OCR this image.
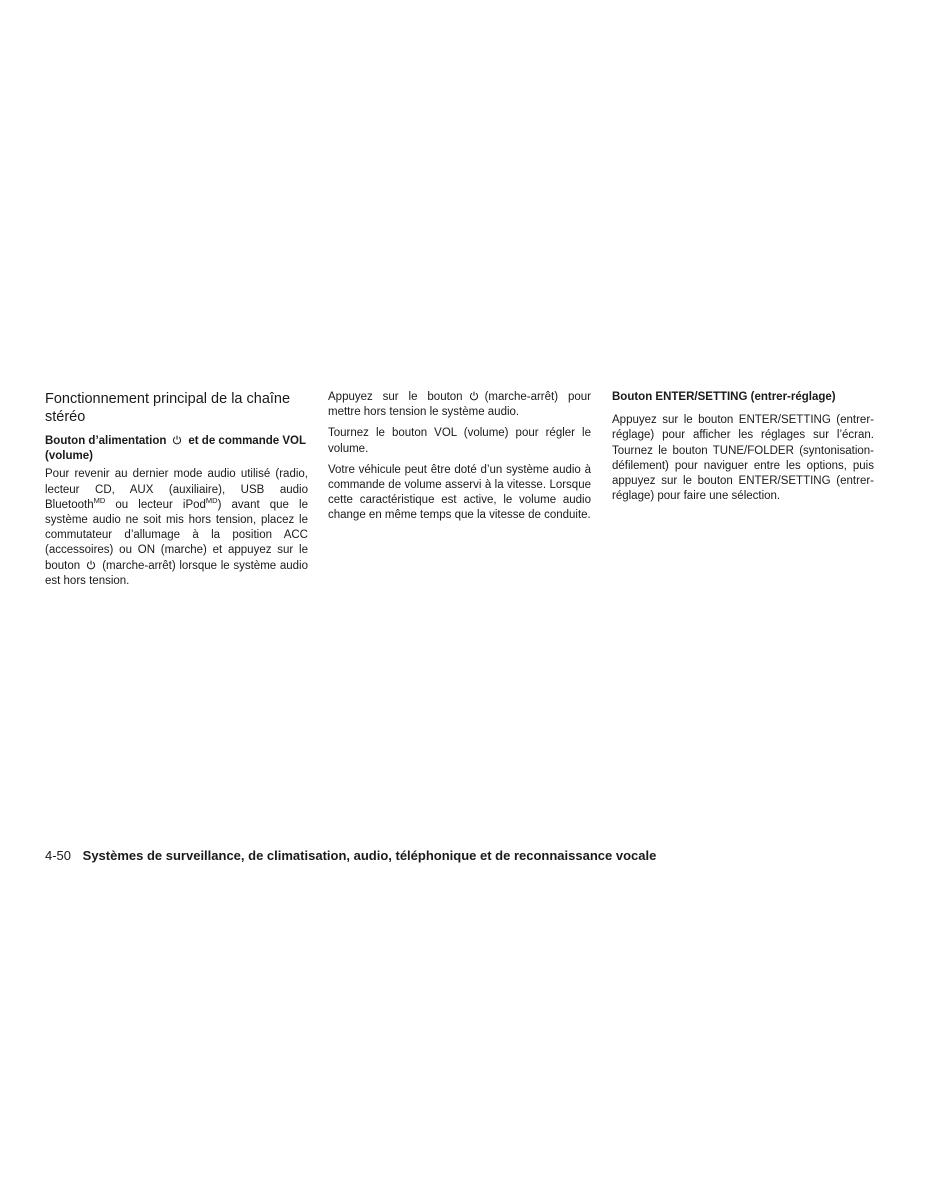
Fonctionnement principal de la chaîne stéréo
Bouton d’alimentation et de commande VOL (volume)

Pour revenir au dernier mode audio utilisé (radio, lecteur CD, AUX (auxiliaire), USB audio Bluetooth$^{MD}$ ou lecteur iPod$^{MD}$) avant que le système audio ne soit mis hors tension, placez le commutateur d’allumage à la position ACC (accessoires) ou ON (marche) et appuyez sur le bouton (marche-arrêt) lorsque le système audio est hors tension.

Appuyez sur le bouton (marche-arrêt) pour mettre hors tension le système audio.

Tournez le bouton VOL (volume) pour régler le volume.

Votre véhicule peut être doté d’un système audio à commande de volume asservi à la vitesse. Lorsque cette caractéristique est active, le volume audio change en même temps que la vitesse de conduite.

Bouton ENTER/SETTING (entrer-réglage)

Appuyez sur le bouton ENTER/SETTING (entrer-réglage) pour afficher les réglages sur l’écran. Tournez le bouton TUNE/FOLDER (syntonisation-défilement) pour naviguer entre les options, puis appuyez sur le bouton ENTER/SETTING (entrer-réglage) pour faire une sélection.

4-50 Systèmes de surveillance, de climatisation, audio, téléphonique et de reconnaissance vocale
